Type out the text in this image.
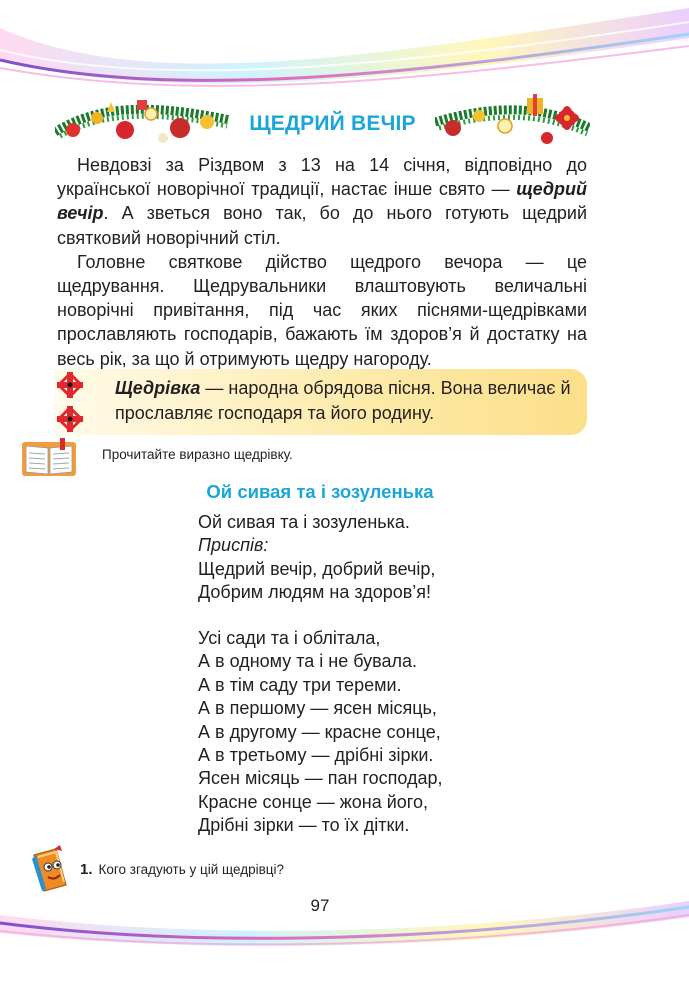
ЩЕДРИЙ ВЕЧІР

Невдовзі за Різдвом з 13 на 14 січня, відповідно до української новорічної традиції, настає інше свято — щедрий вечір. А зветься воно так, бо до нього готують щедрий святковий новорічний стіл.

Головне святкове дійство щедрого вечора — це щедрування. Щедрувальники влаштовують величальні новорічні привітання, під час яких піснями-щедрівками прославляють господарів, бажають їм здоров’я й достатку на весь рік, за що й отримують щедру нагороду.

Щедрівка — народна обрядова пісня. Вона величає й прославляє господаря та його родину.
Прочитайте виразно щедрівку.
Ой сивая та і зозуленька
Ой сивая та і зозуленька.
Приспів:
Щедрий вечір, добрий вечір,
Добрим людям на здоров’я!
Усі сади та і облітала,
А в одному та і не бувала.
А в тім саду три тереми.
А в першому — ясен місяць,
А в другому — красне сонце,
А в третьому — дрібні зірки.
Ясен місяць — пан господар,
Красне сонце — жона його,
Дрібні зірки — то їх дітки.
1. Кого згадують у цій щедрівці?
97
